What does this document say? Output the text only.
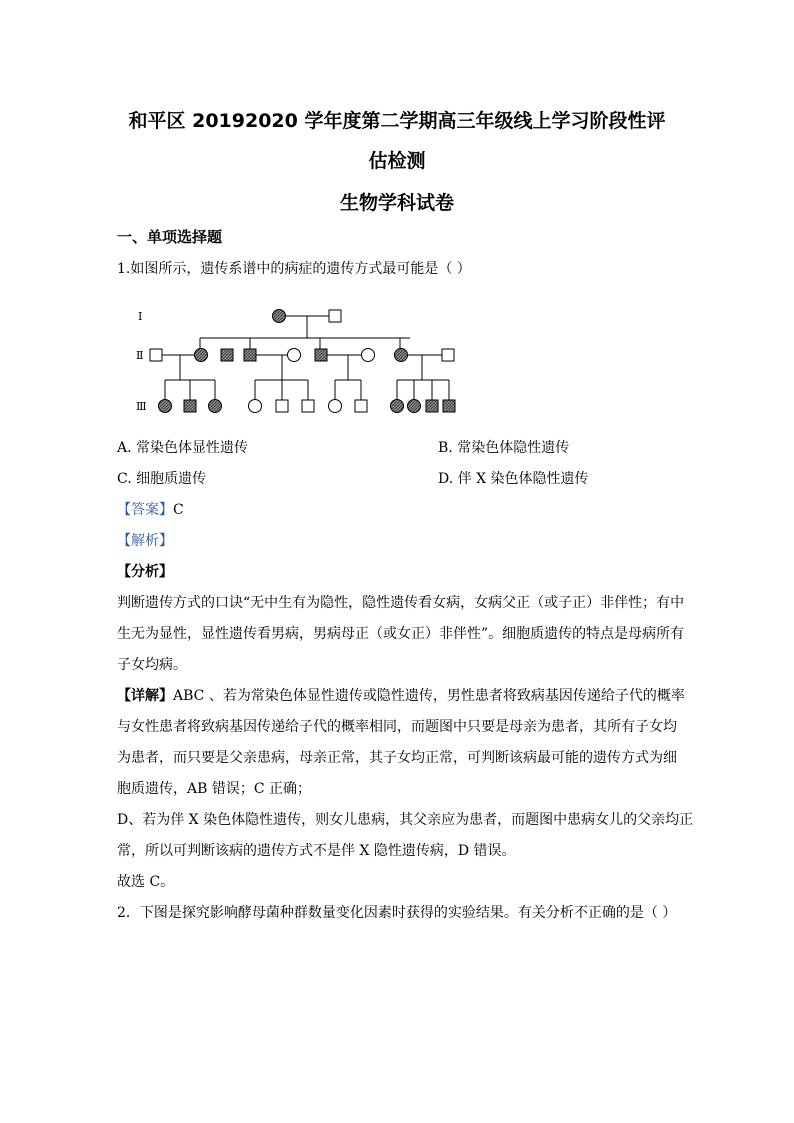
和平区 20192020 学年度第二学期高三年级线上学习阶段性评
估检测
生物学科试卷
一、单项选择题
1.如图所示，遗传系谱中的病症的遗传方式最可能是（ ）
Ⅰ
Ⅱ
Ⅲ
A. 常染色体显性遗传	B. 常染色体隐性遗传
C. 细胞质遗传	D. 伴 X 染色体隐性遗传
【答案】C
【解析】
【分析】
判断遗传方式的口诀“无中生有为隐性，隐性遗传看女病，女病父正（或子正）非伴性；有中
生无为显性，显性遗传看男病，男病母正（或女正）非伴性”。细胞质遗传的特点是母病所有
子女均病。
【详解】ABC 、若为常染色体显性遗传或隐性遗传，男性患者将致病基因传递给子代的概率
与女性患者将致病基因传递给子代的概率相同，而题图中只要是母亲为患者，其所有子女均
为患者，而只要是父亲患病，母亲正常，其子女均正常，可判断该病最可能的遗传方式为细
胞质遗传，AB 错误；C 正确；
D、若为伴 X 染色体隐性遗传，则女儿患病，其父亲应为患者，而题图中患病女儿的父亲均正
常，所以可判断该病的遗传方式不是伴 X 隐性遗传病，D 错误。
故选 C。
2．下图是探究影响酵母菌种群数量变化因素时获得的实验结果。有关分析不正确的是（ ）
